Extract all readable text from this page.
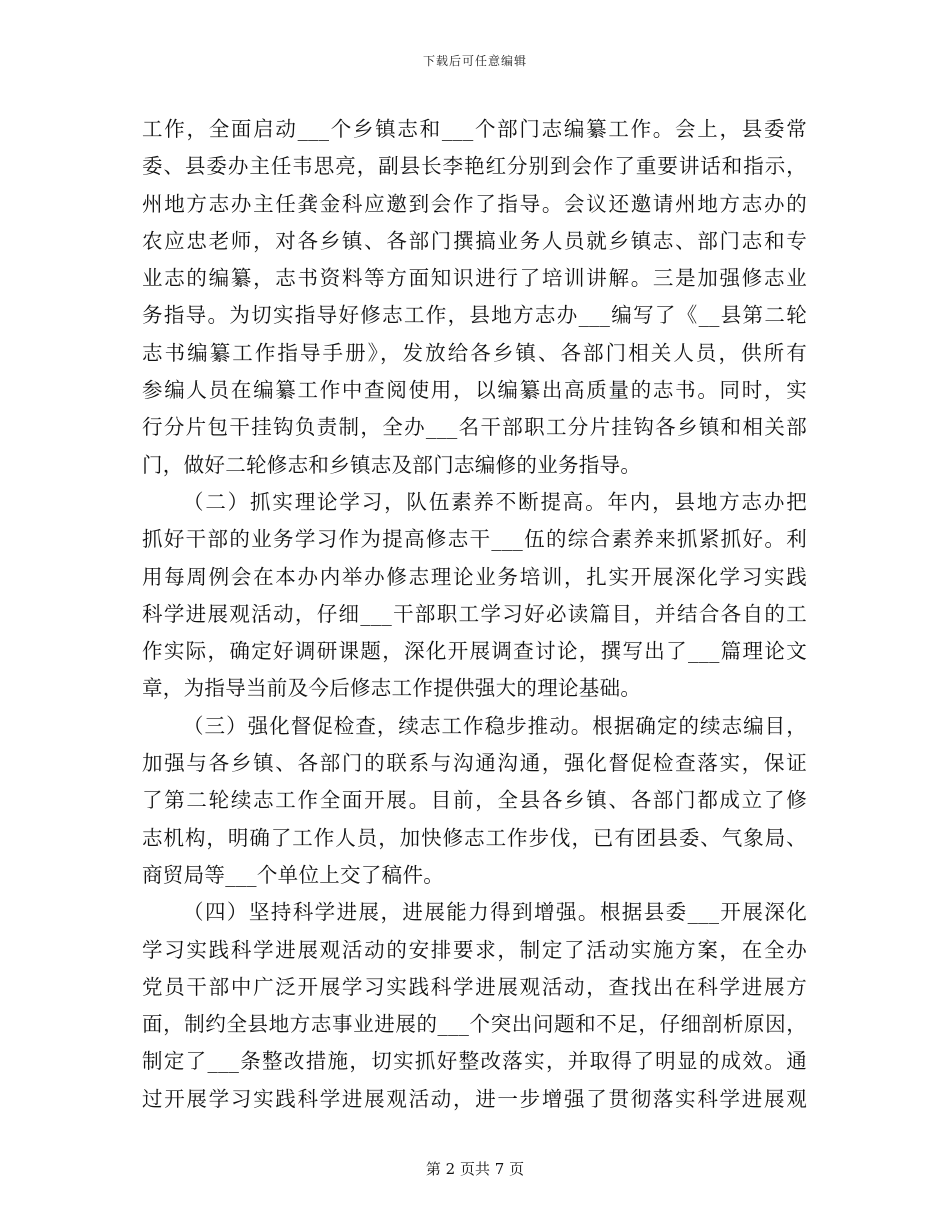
下载后可任意编辑
工作，全面启动___个乡镇志和___个部门志编纂工作。会上，县委常
委、县委办主任韦思亮，副县长李艳红分别到会作了重要讲话和指示，
州地方志办主任龚金科应邀到会作了指导。会议还邀请州地方志办的
农应忠老师，对各乡镇、各部门撰搞业务人员就乡镇志、部门志和专
业志的编纂，志书资料等方面知识进行了培训讲解。三是加强修志业
务指导。为切实指导好修志工作，县地方志办___编写了《__县第二轮
志书编纂工作指导手册》，发放给各乡镇、各部门相关人员，供所有
参编人员在编纂工作中查阅使用，以编纂出高质量的志书。同时，实
行分片包干挂钩负责制，全办___名干部职工分片挂钩各乡镇和相关部
门，做好二轮修志和乡镇志及部门志编修的业务指导。
（二）抓实理论学习，队伍素养不断提高。年内，县地方志办把
抓好干部的业务学习作为提高修志干___伍的综合素养来抓紧抓好。利
用每周例会在本办内举办修志理论业务培训，扎实开展深化学习实践
科学进展观活动，仔细___干部职工学习好必读篇目，并结合各自的工
作实际，确定好调研课题，深化开展调查讨论，撰写出了___篇理论文
章，为指导当前及今后修志工作提供强大的理论基础。
（三）强化督促检查，续志工作稳步推动。根据确定的续志编目，
加强与各乡镇、各部门的联系与沟通沟通，强化督促检查落实，保证
了第二轮续志工作全面开展。目前，全县各乡镇、各部门都成立了修
志机构，明确了工作人员，加快修志工作步伐，已有团县委、气象局、
商贸局等___个单位上交了稿件。
（四）坚持科学进展，进展能力得到增强。根据县委___开展深化
学习实践科学进展观活动的安排要求，制定了活动实施方案，在全办
党员干部中广泛开展学习实践科学进展观活动，查找出在科学进展方
面，制约全县地方志事业进展的___个突出问题和不足，仔细剖析原因，
制定了___条整改措施，切实抓好整改落实，并取得了明显的成效。通
过开展学习实践科学进展观活动，进一步增强了贯彻落实科学进展观
第 2 页共 7 页
